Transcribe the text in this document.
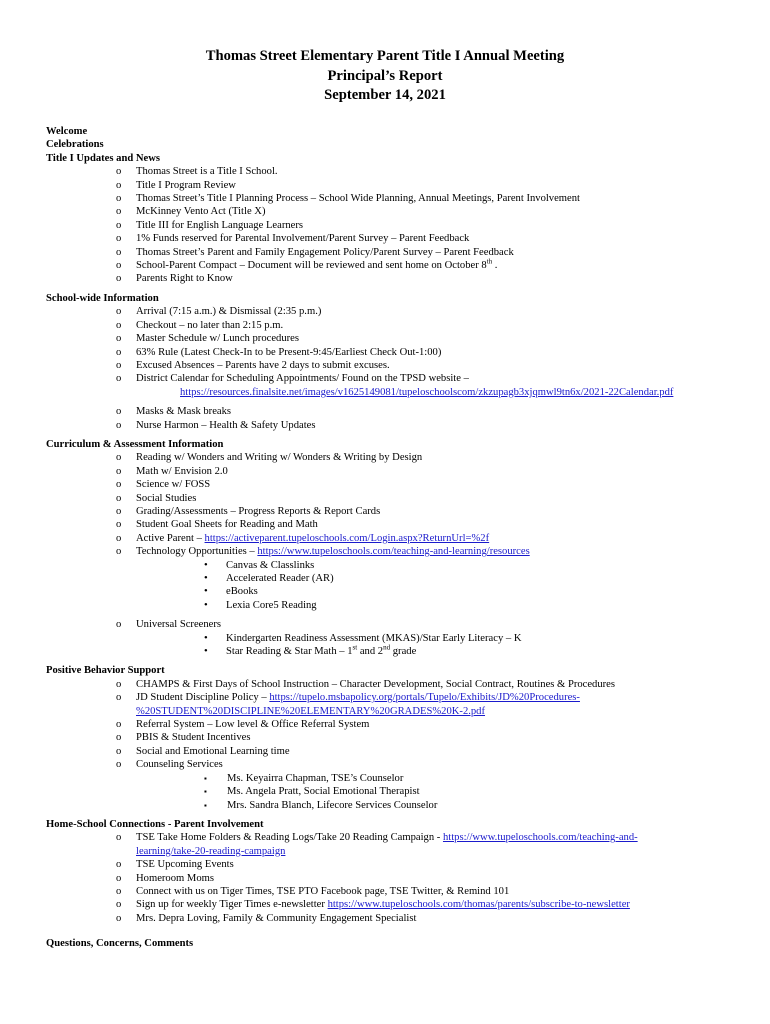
Thomas Street Elementary Parent Title I Annual Meeting
Principal’s Report
September 14, 2021
Welcome
Celebrations
Title I Updates and News
o Thomas Street is a Title I School.
o Title I Program Review
o Thomas Street’s Title I Planning Process – School Wide Planning, Annual Meetings, Parent Involvement
o McKinney Vento Act (Title X)
o Title III for English Language Learners
o 1% Funds reserved for Parental Involvement/Parent Survey – Parent Feedback
o Thomas Street’s Parent and Family Engagement Policy/Parent Survey – Parent Feedback
o School-Parent Compact – Document will be reviewed and sent home on October 8th .
o Parents Right to Know
School-wide Information
o Arrival (7:15 a.m.) & Dismissal (2:35 p.m.)
o Checkout – no later than 2:15 p.m.
o Master Schedule w/ Lunch procedures
o 63% Rule (Latest Check-In to be Present-9:45/Earliest Check Out-1:00)
o Excused Absences – Parents have 2 days to submit excuses.
o District Calendar for Scheduling Appointments/ Found on the TPSD website –
https://resources.finalsite.net/images/v1625149081/tupeloschoolscom/zkzupagb3xjqmwl9tn6x/2021-22Calendar.pdf
o Masks & Mask breaks
o Nurse Harmon – Health & Safety Updates
Curriculum & Assessment Information
o Reading w/ Wonders and Writing w/ Wonders & Writing by Design
o Math w/ Envision 2.0
o Science w/ FOSS
o Social Studies
o Grading/Assessments – Progress Reports & Report Cards
o Student Goal Sheets for Reading and Math
o Active Parent – https://activeparent.tupeloschools.com/Login.aspx?ReturnUrl=%2f
o Technology Opportunities – https://www.tupeloschools.com/teaching-and-learning/resources
• Canvas & Classlinks
• Accelerated Reader (AR)
• eBooks
• Lexia Core5 Reading
o Universal Screeners
• Kindergarten Readiness Assessment (MKAS)/Star Early Literacy – K
• Star Reading & Star Math – 1st and 2nd grade
Positive Behavior Support
o CHAMPS & First Days of School Instruction – Character Development, Social Contract, Routines & Procedures
o JD Student Discipline Policy – https://tupelo.msbapolicy.org/portals/Tupelo/Exhibits/JD%20Procedures-
%20STUDENT%20DISCIPLINE%20ELEMENTARY%20GRADES%20K-2.pdf
o Referral System – Low level & Office Referral System
o PBIS & Student Incentives
o Social and Emotional Learning time
o Counseling Services
▪ Ms. Keyairra Chapman, TSE’s Counselor
▪ Ms. Angela Pratt, Social Emotional Therapist
▪ Mrs. Sandra Blanch, Lifecore Services Counselor
Home-School Connections - Parent Involvement
o TSE Take Home Folders & Reading Logs/Take 20 Reading Campaign - https://www.tupeloschools.com/teaching-and-
learning/take-20-reading-campaign
o TSE Upcoming Events
o Homeroom Moms
o Connect with us on Tiger Times, TSE PTO Facebook page, TSE Twitter, & Remind 101
o Sign up for weekly Tiger Times e-newsletter https://www.tupeloschools.com/thomas/parents/subscribe-to-newsletter
o Mrs. Depra Loving, Family & Community Engagement Specialist
Questions, Concerns, Comments
